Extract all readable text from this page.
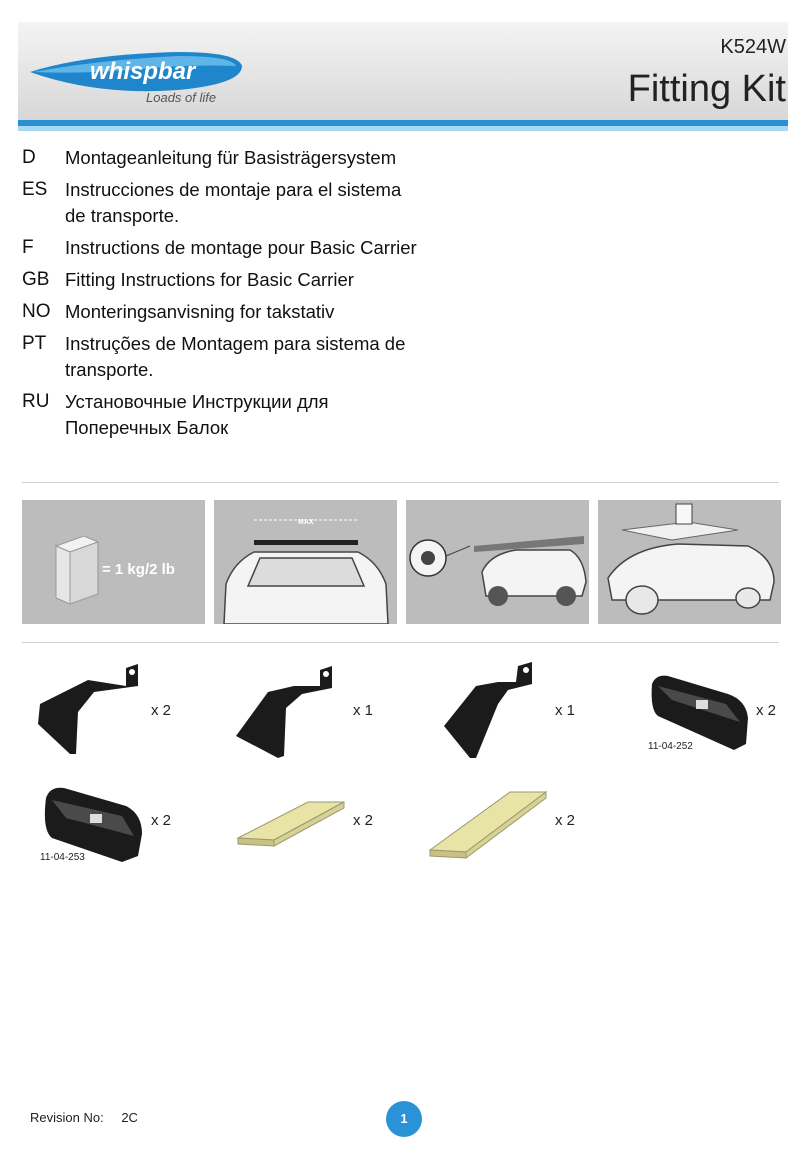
whispbar
Loads of life
K524W
Fitting Kit
D	Montageanleitung für Basisträgersystem
ES Instrucciones de montaje para el sistema de transporte.
F	Instructions de montage pour Basic Carrier
GB Fitting Instructions for Basic Carrier
NO Monteringsanvisning for takstativ
PT	Instruções de Montagem para sistema de transporte.
RU Установочные Инструкции для Поперечных Балок
= 1 kg/2 lb
MAX
x 2	x 1	x 1	x 2
11-04-252
x 2
11-04-253
x 2	x 2
Revision No: 2C	1
